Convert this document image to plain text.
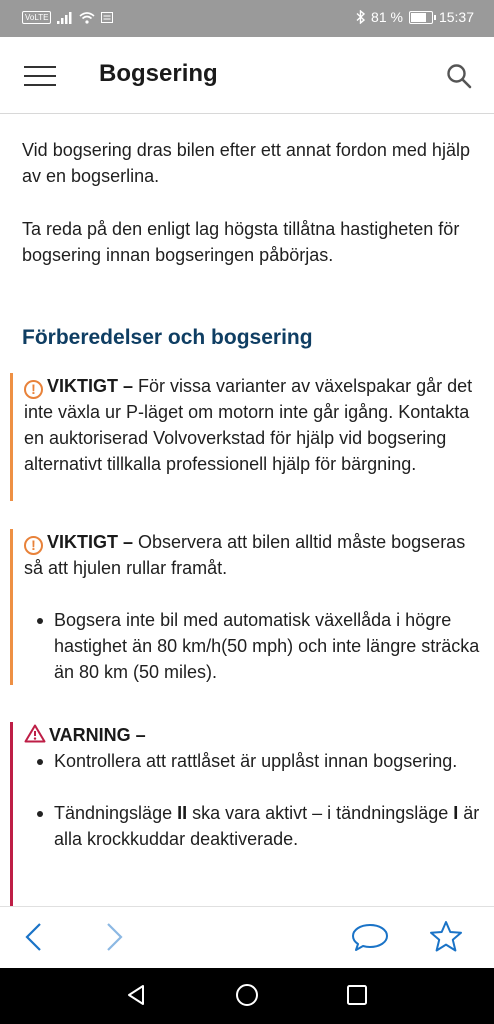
VoLTE	81 %	15:37
Bogsering

Vid bogsering dras bilen efter ett annat fordon med hjälp av en bogserlina.

Ta reda på den enligt lag högsta tillåtna hastigheten för bogsering innan bogseringen påbörjas.

Förberedelser och bogsering

! VIKTIGT – För vissa varianter av växelspakar går det inte växla ur P-läget om motorn inte går igång. Kontakta en auktoriserad Volvoverkstad för hjälp vid bogsering alternativt tillkalla professionell hjälp för bärgning.

! VIKTIGT – Observera att bilen alltid måste bogseras så att hjulen rullar framåt.

Bogsera inte bil med automatisk växellåda i högre hastighet än 80 km/h(50 mph) och inte längre sträcka än 80 km (50 miles).

VARNING –

Kontrollera att rattlåset är upplåst innan bogsering.
Tändningsläge II ska vara aktivt – i tändningsläge I är alla krockkuddar deaktiverade.
